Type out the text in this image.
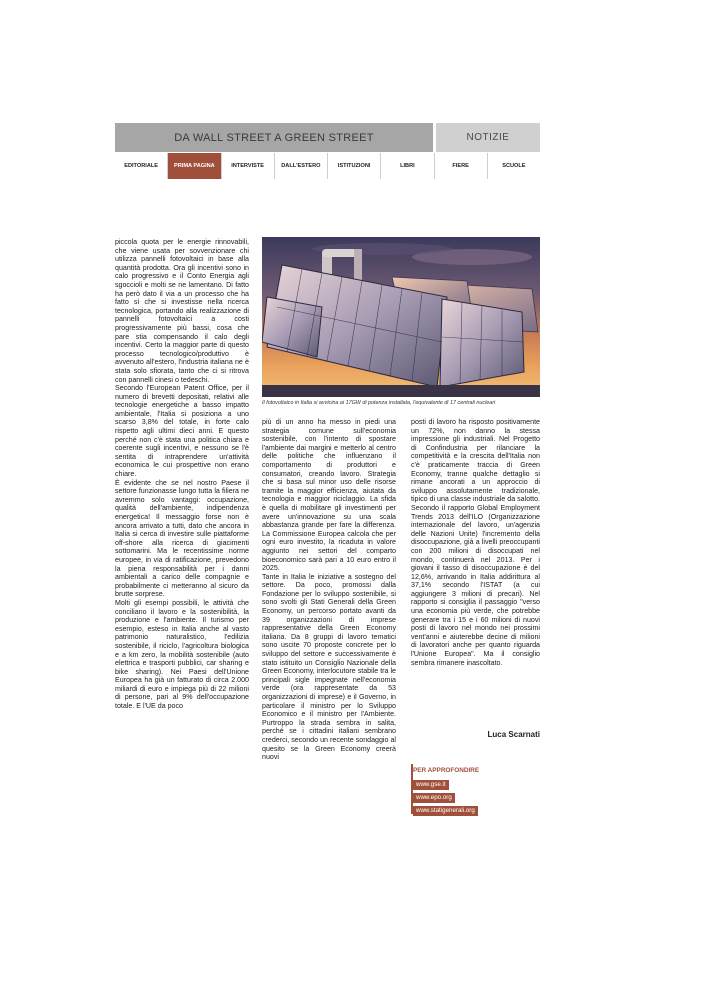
DA WALL STREET A GREEN STREET	NOTIZIE
EDITORIALE	PRIMA PAGINA	INTERVISTE	DALL'ESTERO	ISTITUZIONI	LIBRI	FIERE	SCUOLE

piccola quota per le energie rinnovabili, che viene usata per sovvenzionare chi utilizza pannelli fotovoltaici in base alla quantità prodotta. Ora gli incentivi sono in calo progressivo e il Conto Energia agli sgoccioli e molti se ne lamentano. Di fatto ha però dato il via a un processo che ha fatto sì che si investisse nella ricerca tecnologica, portando alla realizzazione di pannelli fotovoltaici a costi progressivamente più bassi, cosa che pare stia compensando il calo degli incentivi. Certo la maggior parte di questo processo tecnologico/produttivo è avvenuto all'estero, l'industria italiana ne è stata solo sfiorata, tanto che ci si ritrova con pannelli cinesi o tedeschi.

Secondo l'European Patent Office, per il numero di brevetti depositati, relativi alle tecnologie energetiche a basso impatto ambientale, l'Italia si posiziona a uno scarso 3,8% del totale, in forte calo rispetto agli ultimi dieci anni. E questo perché non c'è stata una politica chiara e coerente sugli incentivi, e nessuno se l'è sentita di intraprendere un'attività economica le cui prospettive non erano chiare.

È evidente che se nel nostro Paese il settore funzionasse lungo tutta la filiera ne avremmo solo vantaggi: occupazione, qualità dell'ambiente, indipendenza energetica! Il messaggio forse non è ancora arrivato a tutti, dato che ancora in Italia si cerca di investire sulle piattaforme off-shore alla ricerca di giacimenti sottomarini. Ma le recentissime norme europee, in via di ratificazione, prevedono la piena responsabilità per i danni ambientali a carico delle compagnie e probabilmente ci metteranno al sicuro da brutte sorprese.

Molti gli esempi possibili, le attività che conciliano il lavoro e la sostenibilità, la produzione e l'ambiente. Il turismo per esempio, esteso in Italia anche al vasto patrimonio naturalistico, l'edilizia sostenibile, il riciclo, l'agricoltura biologica e a km zero, la mobilità sostenibile (auto elettrica e trasporti pubblici, car sharing e bike sharing). Nei Paesi dell'Unione Europea ha già un fatturato di circa 2.000 miliardi di euro e impiega più di 22 milioni di persone, pari al 9% dell'occupazione totale. E l'UE da poco

Il fotovoltaico in Italia si avvicina ai 17GW di potenza installata, l'equivalente di 17 centrali nucleari

più di un anno ha messo in piedi una strategia comune sull'economia sostenibile, con l'intento di spostare l'ambiente dai margini e metterlo al centro delle politiche che influenzano il comportamento di produttori e consumatori, creando lavoro. Strategia che si basa sul minor uso delle risorse tramite la maggior efficienza, aiutata da tecnologia e maggior riciclaggio. La sfida è quella di mobilitare gli investimenti per avere un'innovazione su una scala abbastanza grande per fare la differenza. La Commissione Europea calcola che per ogni euro investito, la ricaduta in valore aggiunto nei settori del comparto bioeconomico sarà pari a 10 euro entro il 2025.

Tante in Italia le iniziative a sostegno del settore. Da poco, promossi dalla Fondazione per lo sviluppo sostenibile, si sono svolti gli Stati Generali della Green Economy, un percorso portato avanti da 39 organizzazioni di imprese rappresentative della Green Economy italiana. Da 8 gruppi di lavoro tematici sono uscite 70 proposte concrete per lo sviluppo del settore e successivamente è stato istituito un Consiglio Nazionale della Green Economy, interlocutore stabile tra le principali sigle impegnate nell'economia verde (ora rappresentate da 53 organizzazioni di imprese) e il Governo, in particolare il ministro per lo Sviluppo Economico e il ministro per l'Ambiente. Purtroppo la strada sembra in salita, perché se i cittadini italiani sembrano crederci, secondo un recente sondaggio al quesito se la Green Economy creerà nuovi

posti di lavoro ha risposto positivamente un 72%, non danno la stessa impressione gli industriali. Nel Progetto di Confindustria per rilanciare la competitività e la crescita dell'Italia non c'è praticamente traccia di Green Economy, tranne qualche dettaglio si rimane ancorati a un approccio di sviluppo assolutamente tradizionale, tipico di una classe industriale da salotto. Secondo il rapporto Global Employment Trends 2013 dell'ILO (Organizzazione internazionale del lavoro, un'agenzia delle Nazioni Unite) l'incremento della disoccupazione, già a livelli preoccupanti con 200 milioni di disoccupati nel mondo, continuerà nel 2013. Per i giovani il tasso di disoccupazione è del 12,6%, arrivando in Italia addirittura al 37,1% secondo l'ISTAT (a cui aggiungere 3 milioni di precari). Nel rapporto si consiglia il passaggio "verso una economia più verde, che potrebbe generare tra i 15 e i 60 milioni di nuovi posti di lavoro nel mondo nei prossimi vent'anni e aiuterebbe decine di milioni di lavoratori anche per quanto riguarda l'Unione Europea". Ma il consiglio sembra rimanere inascoltato.

Luca Scarnati
PER APPROFONDIRE
www.gse.it
www.epo.org
www.statigenerali.org
